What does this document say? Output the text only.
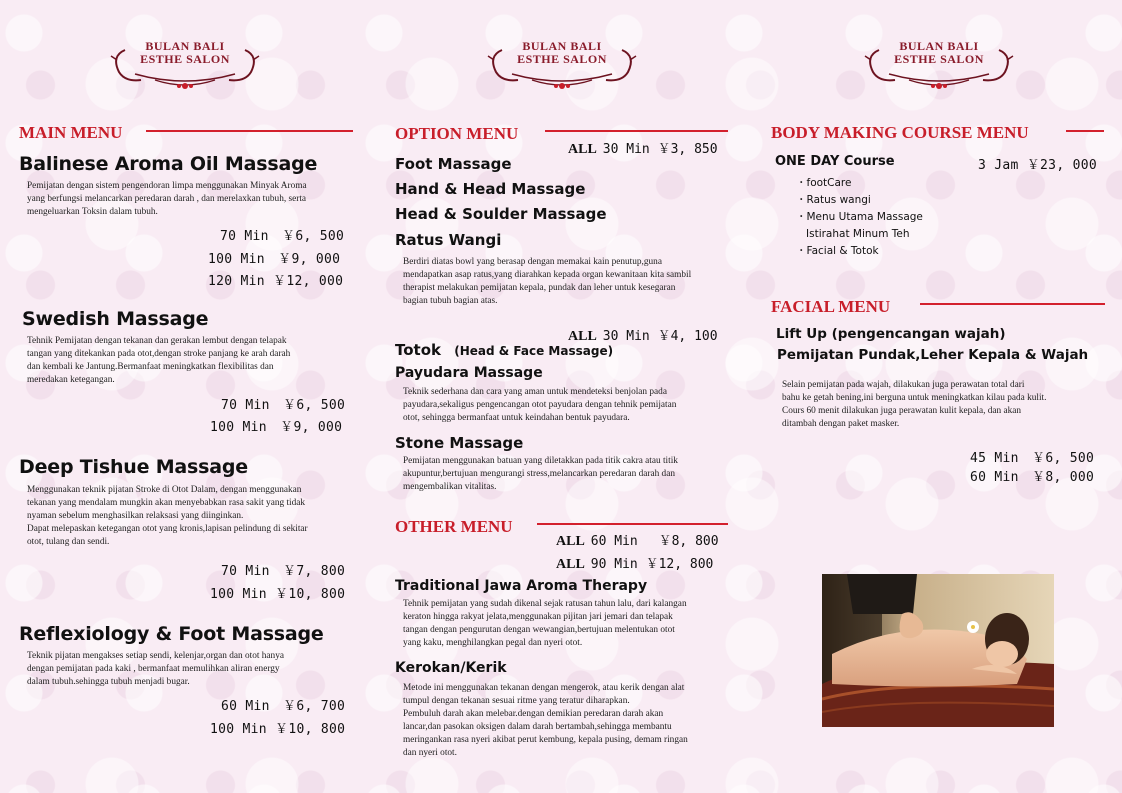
BULAN BALI
ESTHE SALON
MAIN MENU
Balinese Aroma Oil Massage
Pemijatan dengan sistem pengendoran limpa menggunakan Minyak Aroma
yang berfungsi melancarkan peredaran darah , dan merelaxkan tubuh, serta
mengeluarkan Toksin dalam tubuh.
70 Min　￥6, 500
100 Min　￥9, 000
120 Min ￥12, 000
Swedish Massage
Tehnik Pemijatan dengan tekanan dan gerakan lembut dengan telapak
tangan yang ditekankan pada otot,dengan stroke panjang ke arah darah
dan kembali ke Jantung.Bermanfaat meningkatkan flexibilitas dan
meredakan ketegangan.
70 Min　￥6, 500
100 Min　￥9, 000
Deep Tishue Massage
Menggunakan teknik pijatan Stroke di Otot Dalam, dengan menggunakan
tekanan yang mendalam mungkin akan menyebabkan rasa sakit yang tidak
nyaman sebelum menghasilkan relaksasi yang diinginkan.
Dapat melepaskan ketegangan otot yang kronis,lapisan pelindung di sekitar
otot, tulang dan sendi.
70 Min　￥7, 800
100 Min ￥10, 800
Reflexiology & Foot Massage
Teknik pijatan mengakses setiap sendi, kelenjar,organ dan otot hanya
dengan pemijatan pada kaki , bermanfaat memulihkan aliran energy
dalam tubuh.sehingga tubuh menjadi bugar.
60 Min　￥6, 700
100 Min ￥10, 800
BULAN BALI
ESTHE SALON
OPTION MENU
ALL 30 Min ￥3, 850
Foot Massage
Hand & Head Massage
Head & Soulder Massage
Ratus Wangi
Berdiri diatas bowl yang berasap dengan memakai kain penutup,guna
mendapatkan asap ratus,yang diarahkan kepada organ kewanitaan kita sambil
therapist melakukan pemijatan kepala, pundak dan leher untuk kesegaran
bagian tubuh bagian atas.
ALL 30 Min ￥4, 100
Totok (Head & Face Massage)
Payudara Massage
Teknik sederhana dan cara yang aman untuk mendeteksi benjolan pada
payudara,sekaligus pengencangan otot payudara dengan tehnik pemijatan
otot, sehingga bermanfaat untuk keindahan bentuk payudara.
Stone Massage
Pemijatan menggunakan batuan yang diletakkan pada titik cakra atau titik
akupuntur,bertujuan mengurangi stress,melancarkan peredaran darah dan
mengembalikan vitalitas.
OTHER MENU
ALL 60 Min　 ￥8, 800
ALL 90 Min ￥12, 800
Traditional Jawa Aroma Therapy
Tehnik pemijatan yang sudah dikenal sejak ratusan tahun lalu, dari kalangan
keraton hingga rakyat jelata,menggunakan pijitan jari jemari dan telapak
tangan dengan pengurutan dengan wewangian,bertujuan melentukan otot
yang kaku, menghilangkan pegal dan nyeri otot.
Kerokan/Kerik
Metode ini menggunakan tekanan dengan mengerok, atau kerik dengan alat
tumpul dengan tekanan sesuai ritme yang teratur diharapkan.
Pembuluh darah akan melebar.dengan demikian peredaran darah akan
lancar,dan pasokan oksigen dalam darah bertambah,sehingga membantu
meringankan rasa nyeri akibat perut kembung, kepala pusing, demam ringan
dan nyeri otot.
BULAN BALI
ESTHE SALON
BODY MAKING COURSE MENU
ONE DAY Course	3 Jam ￥23, 000
・footCare
・Ratus wangi
・Menu Utama Massage
Istirahat Minum Teh
・Facial & Totok
FACIAL MENU
Lift Up (pengencangan wajah)
Pemijatan Pundak,Leher Kepala & Wajah
Selain pemijatan pada wajah, dilakukan juga perawatan total dari
bahu ke getah bening,ini berguna untuk meningkatkan kilau pada kulit.
Cours 60 menit dilakukan juga perawatan kulit kepala, dan akan
ditambah dengan paket masker.
45 Min　￥6, 500
60 Min　￥8, 000
